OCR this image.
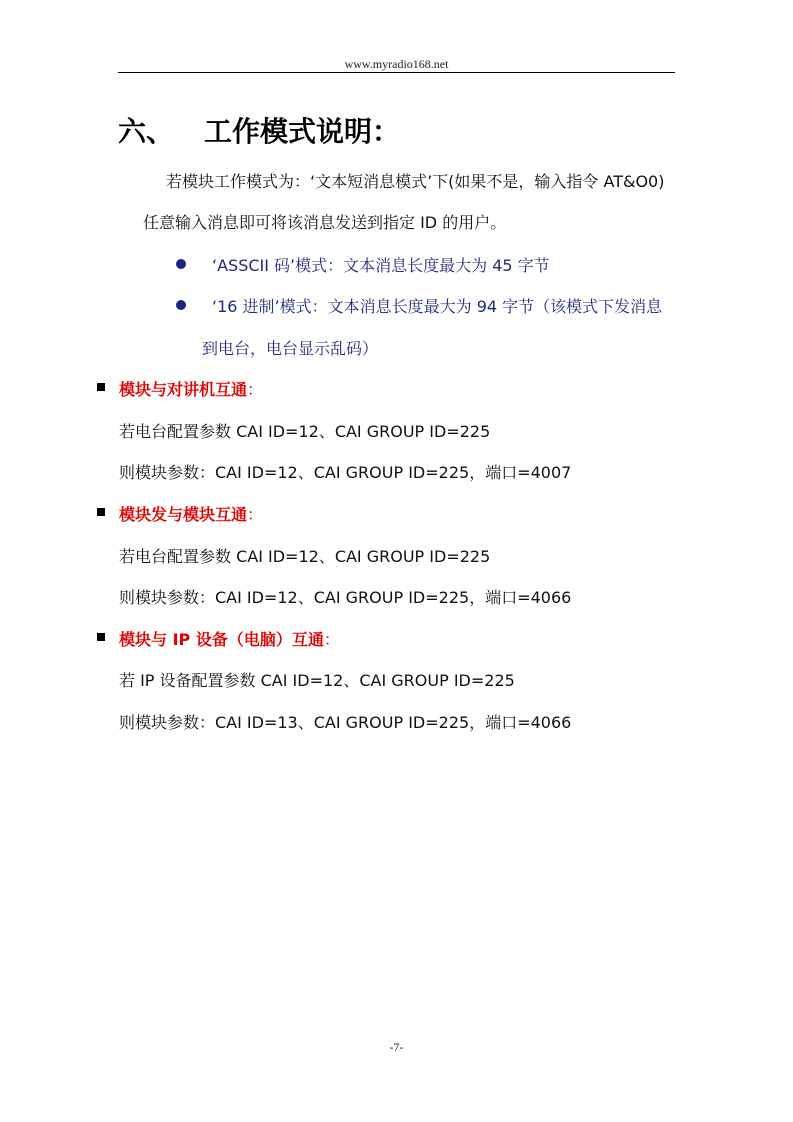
www.myradio168.net
六、 工作模式说明：
若模块工作模式为：‘文本短消息模式’下(如果不是，输入指令 AT&O0)
任意输入消息即可将该消息发送到指定 ID 的用户。
‘ASSCII 码’模式：文本消息长度最大为 45 字节
‘16 进制’模式：文本消息长度最大为 94 字节（该模式下发消息
到电台，电台显示乱码）
模块与对讲机互通：
若电台配置参数 CAI ID=12、CAI GROUP ID=225
则模块参数：CAI ID=12、CAI GROUP ID=225，端口=4007
模块发与模块互通：
若电台配置参数 CAI ID=12、CAI GROUP ID=225
则模块参数：CAI ID=12、CAI GROUP ID=225，端口=4066
模块与 IP 设备（电脑）互通：
若 IP 设备配置参数 CAI ID=12、CAI GROUP ID=225
则模块参数：CAI ID=13、CAI GROUP ID=225，端口=4066
-7-
